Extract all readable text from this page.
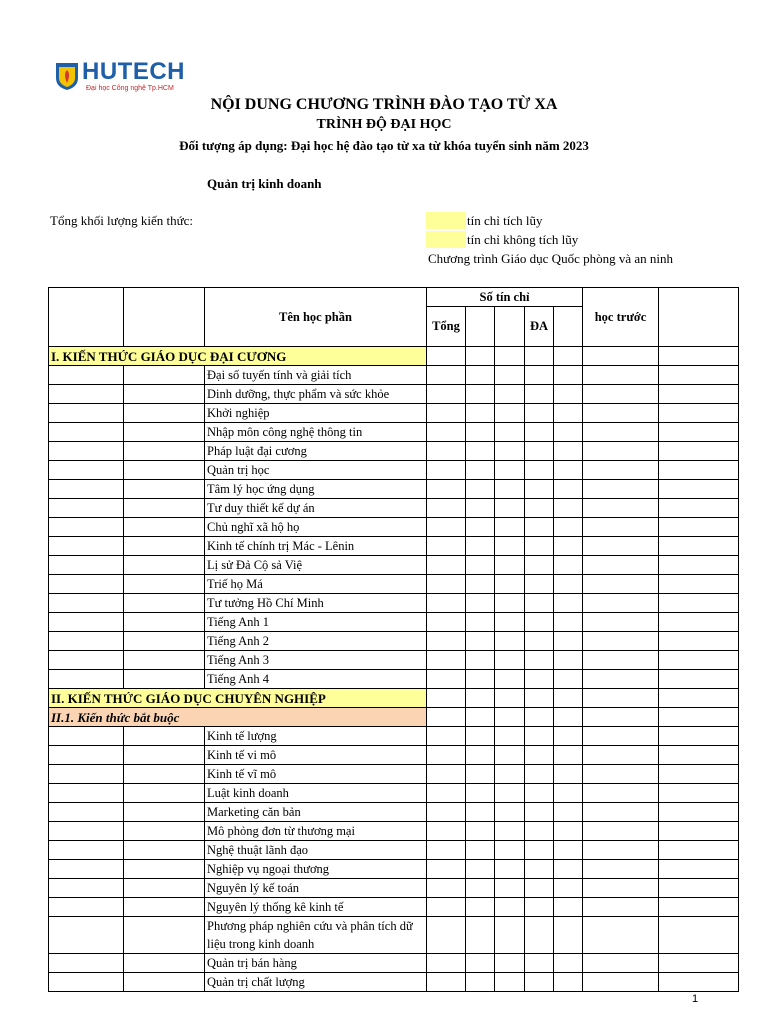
HUTECH
Đại học Công nghệ Tp.HCM
NỘI DUNG CHƯƠNG TRÌNH ĐÀO TẠO TỪ XA
TRÌNH ĐỘ ĐẠI HỌC
Đối tượng áp dụng: Đại học hệ đào tạo từ xa từ khóa tuyển sinh năm 2023
Quản trị kinh doanh
Tổng khối lượng kiến thức:	tín chỉ tích lũy
tín chỉ không tích lũy
Chương trình Giáo dục Quốc phòng và an ninh
		Tên học phần	Số tín chỉ					học trước	
			Tổng			ĐA			
I. KIẾN THỨC GIÁO DỤC ĐẠI CƯƠNG									
		Đại số tuyến tính và giải tích							
		Dinh dưỡng, thực phẩm và sức khỏe							
		Khởi nghiệp							
		Nhập môn công nghệ thông tin							
		Pháp luật đại cương							
		Quản trị học							
		Tâm lý học ứng dụng							
		Tư duy thiết kế dự án							
		Chủ nghĩ xã hộ họ							
		Kinh tế chính trị Mác - Lênin							
		Lị sử Đả Cộ sả Việ							
		Triế họ Má							
		Tư tưởng Hồ Chí Minh							
		Tiếng Anh 1							
		Tiếng Anh 2							
		Tiếng Anh 3							
		Tiếng Anh 4							
II. KIẾN THỨC GIÁO DỤC CHUYÊN NGHIỆP									
II.1. Kiến thức bắt buộc									
		Kinh tế lượng							
		Kinh tế vi mô							
		Kinh tế vĩ mô							
		Luật kinh doanh							
		Marketing căn bản							
		Mô phỏng đơn từ thương mại							
		Nghệ thuật lãnh đạo							
		Nghiệp vụ ngoại thương							
		Nguyên lý kế toán							
		Nguyên lý thống kê kinh tế							
		Phương pháp nghiên cứu và phân tích dữ liệu trong kinh doanh							
		Quản trị bán hàng							
		Quản trị chất lượng							
1
